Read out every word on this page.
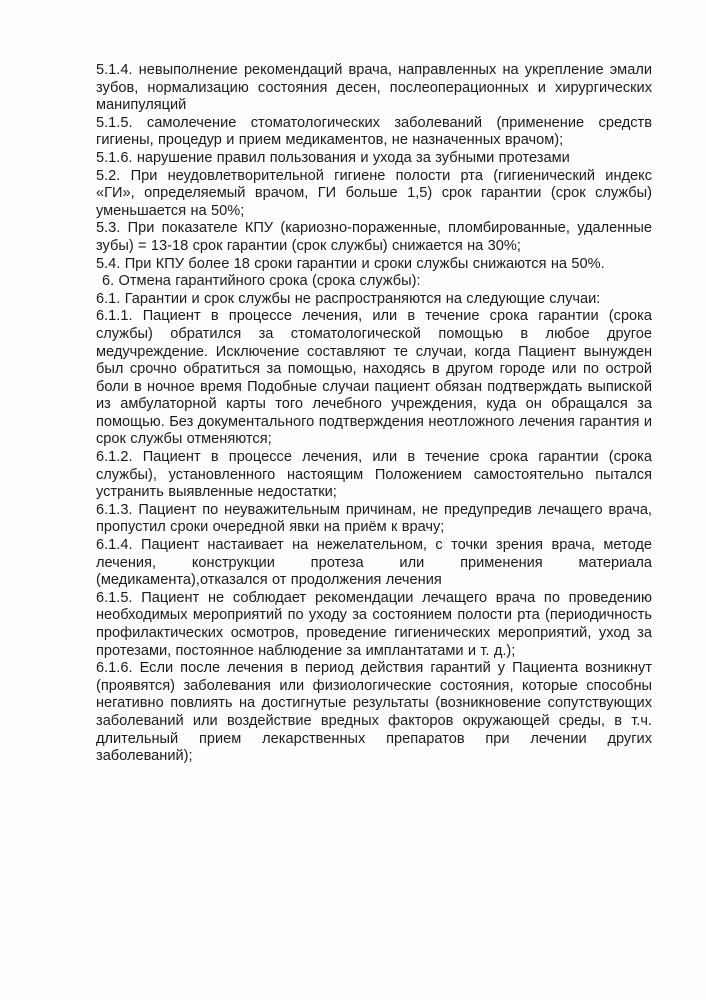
5.1.4. невыполнение рекомендаций врача, направленных на укрепление эмали зубов, нормализацию состояния десен, послеоперационных и хирургических манипуляций

5.1.5. самолечение стоматологических заболеваний (применение средств гигиены, процедур и прием медикаментов, не назначенных врачом);

5.1.6. нарушение правил пользования и ухода за зубными протезами

5.2. При неудовлетворительной гигиене полости рта (гигиенический индекс «ГИ», определяемый врачом, ГИ больше 1,5) срок гарантии (срок службы) уменьшается на 50%;

5.3. При показателе КПУ (кариозно-пораженные, пломбированные, удаленные зубы) = 13-18 срок гарантии (срок службы) снижается на 30%;

5.4. При КПУ более 18 сроки гарантии и сроки службы снижаются на 50%.

6. Отмена гарантийного срока (срока службы):

6.1. Гарантии и срок службы не распространяются на следующие случаи:

6.1.1. Пациент в процессе лечения, или в течение срока гарантии (срока службы) обратился за стоматологической помощью в любое другое медучреждение. Исключение составляют те случаи, когда Пациент вынужден был срочно обратиться за помощью, находясь в другом городе или по острой боли в ночное время Подобные случаи пациент обязан подтверждать выпиской из амбулаторной карты того лечебного учреждения, куда он обращался за помощью. Без документального подтверждения неотложного лечения гарантия и срок службы отменяются;

6.1.2. Пациент в процессе лечения, или в течение срока гарантии (срока службы), установленного настоящим Положением самостоятельно пытался устранить выявленные недостатки;

6.1.3. Пациент по неуважительным причинам, не предупредив лечащего врача, пропустил сроки очередной явки на приём к врачу;

6.1.4. Пациент настаивает на нежелательном, с точки зрения врача, методе лечения, конструкции протеза или применения материала (медикамента),отказался от продолжения лечения

6.1.5. Пациент не соблюдает рекомендации лечащего врача по проведению необходимых мероприятий по уходу за состоянием полости рта (периодичность профилактических осмотров, проведение гигиенических мероприятий, уход за протезами, постоянное наблюдение за имплантатами и т. д.);

6.1.6. Если после лечения в период действия гарантий у Пациента возникнут (проявятся) заболевания или физиологические состояния, которые способны негативно повлиять на достигнутые результаты (возникновение сопутствующих заболеваний или воздействие вредных факторов окружающей среды, в т.ч. длительный прием лекарственных препаратов при лечении других заболеваний);
